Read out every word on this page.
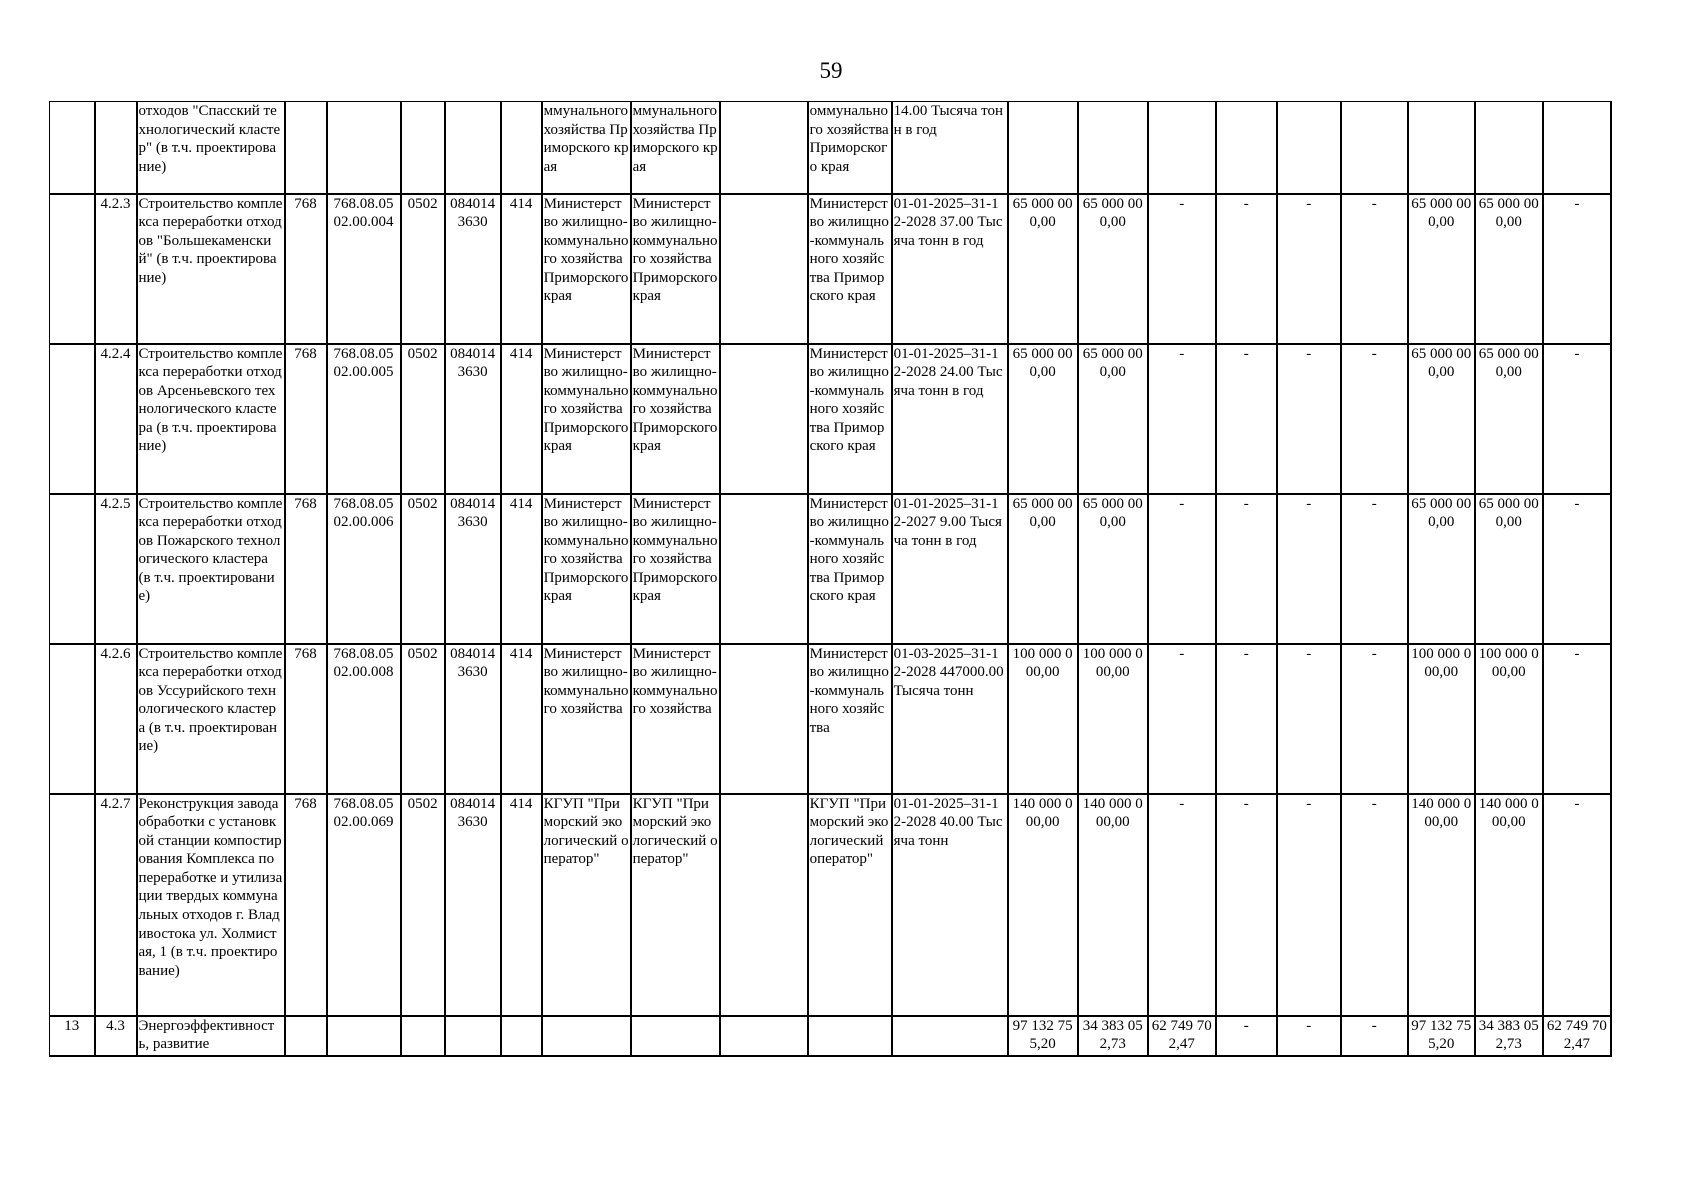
59
		отходов "Спасский технологический кластер" (в т.ч. проектирование)						ммунального хозяйства Приморского края	ммунального хозяйства Приморского края		оммунального хозяйства Приморского края	14.00 Тысяча тонн в год									
	4.2.3	Строительство комплекса переработки отходов "Большекаменский" (в т.ч. проектирование)	768	768.08.05 02.00.004	0502	084014 3630	414	Министерство жилищно-коммунального хозяйства Приморского края	Министерство жилищно-коммунального хозяйства Приморского края		Министерство жилищно-коммунального хозяйства Приморского края	01-01-2025–31-12-2028 37.00 Тысяча тонн в год	65 000 000,00	65 000 000,00	-	-	-	-	65 000 000,00	65 000 000,00	-
	4.2.4	Строительство комплекса переработки отходов Арсеньевского технологического кластера (в т.ч. проектирование)	768	768.08.05 02.00.005	0502	084014 3630	414	Министерство жилищно-коммунального хозяйства Приморского края	Министерство жилищно-коммунального хозяйства Приморского края		Министерство жилищно-коммунального хозяйства Приморского края	01-01-2025–31-12-2028 24.00 Тысяча тонн в год	65 000 000,00	65 000 000,00	-	-	-	-	65 000 000,00	65 000 000,00	-
	4.2.5	Строительство комплекса переработки отходов Пожарского технологического кластера (в т.ч. проектирование)	768	768.08.05 02.00.006	0502	084014 3630	414	Министерство жилищно-коммунального хозяйства Приморского края	Министерство жилищно-коммунального хозяйства Приморского края		Министерство жилищно-коммунального хозяйства Приморского края	01-01-2025–31-12-2027 9.00 Тысяча тонн в год	65 000 000,00	65 000 000,00	-	-	-	-	65 000 000,00	65 000 000,00	-
	4.2.6	Строительство комплекса переработки отходов Уссурийского технологического кластера (в т.ч. проектирование)	768	768.08.05 02.00.008	0502	084014 3630	414	Министерство жилищно-коммунального хозяйства	Министерство жилищно-коммунального хозяйства		Министерство жилищно-коммунального хозяйства	01-03-2025–31-12-2028 447000.00 Тысяча тонн	100 000 000,00	100 000 000,00	-	-	-	-	100 000 000,00	100 000 000,00	-
	4.2.7	Реконструкция завода обработки с установкой станции компостирования Комплекса по переработке и утилизации твердых коммунальных отходов г. Владивостока ул. Холмистая, 1 (в т.ч. проектирование)	768	768.08.05 02.00.069	0502	084014 3630	414	КГУП "Приморский экологический оператор"	КГУП "Приморский экологический оператор"		КГУП "Приморский экологический оператор"	01-01-2025–31-12-2028 40.00 Тысяча тонн	140 000 000,00	140 000 000,00	-	-	-	-	140 000 000,00	140 000 000,00	-
13	4.3	Энергоэффективность, развитие											97 132 755,20	34 383 052,73	62 749 702,47	-	-	-	97 132 755,20	34 383 052,73	62 749 702,47
